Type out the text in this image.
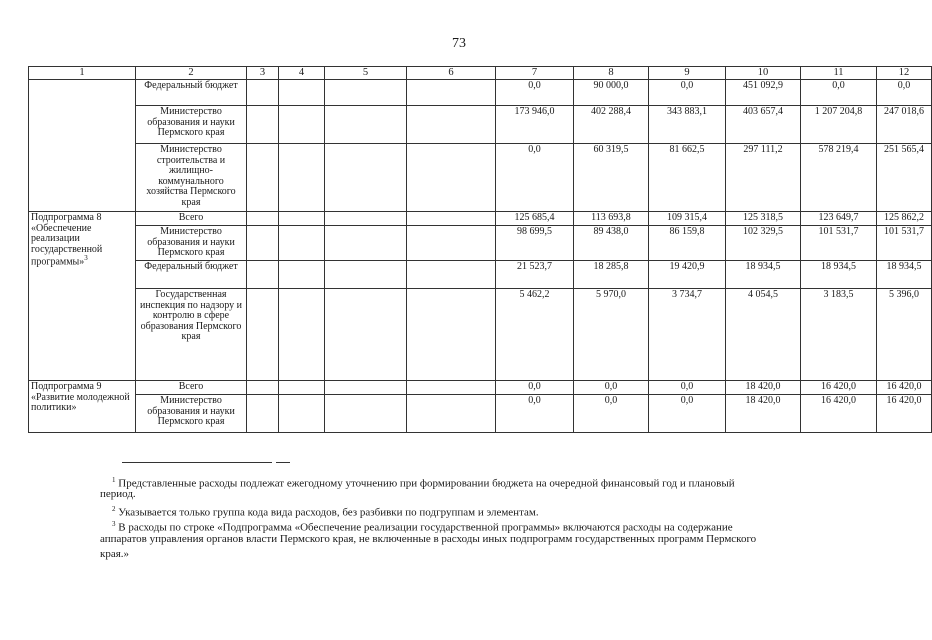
73
1	2	3	4	5	6	7	8	9	10	11	12
	Федеральный бюджет					0,0	90 000,0	0,0	451 092,9	0,0	0,0
	Министерство образования и науки Пермского края					173 946,0	402 288,4	343 883,1	403 657,4	1 207 204,8	247 018,6
	Министерство строительства и жилищно-коммунального хозяйства Пермского края					0,0	60 319,5	81 662,5	297 111,2	578 219,4	251 565,4
Подпрограмма 8 «Обеспечение реализации государственной программы»$^3$	Всего					125 685,4	113 693,8	109 315,4	125 318,5	123 649,7	125 862,2
	Министерство образования и науки Пермского края					98 699,5	89 438,0	86 159,8	102 329,5	101 531,7	101 531,7
	Федеральный бюджет					21 523,7	18 285,8	19 420,9	18 934,5	18 934,5	18 934,5
	Государственная инспекция по надзору и контролю в сфере образования Пермского края					5 462,2	5 970,0	3 734,7	4 054,5	3 183,5	5 396,0
Подпрограмма 9 «Развитие молодежной политики»	Всего					0,0	0,0	0,0	18 420,0	16 420,0	16 420,0
	Министерство образования и науки Пермского края					0,0	0,0	0,0	18 420,0	16 420,0	16 420,0
$^1$ Представленные расходы подлежат ежегодному уточнению при формировании бюджета на очередной финансовый год и плановый
период.
$^2$ Указывается только группа кода вида расходов, без разбивки по подгруппам и элементам.
$^3$ В расходы по строке «Подпрограмма «Обеспечение реализации государственной программы» включаются расходы на содержание
аппаратов управления органов власти Пермского края, не включенные в расходы иных подпрограмм государственных программ Пермского
края.»
